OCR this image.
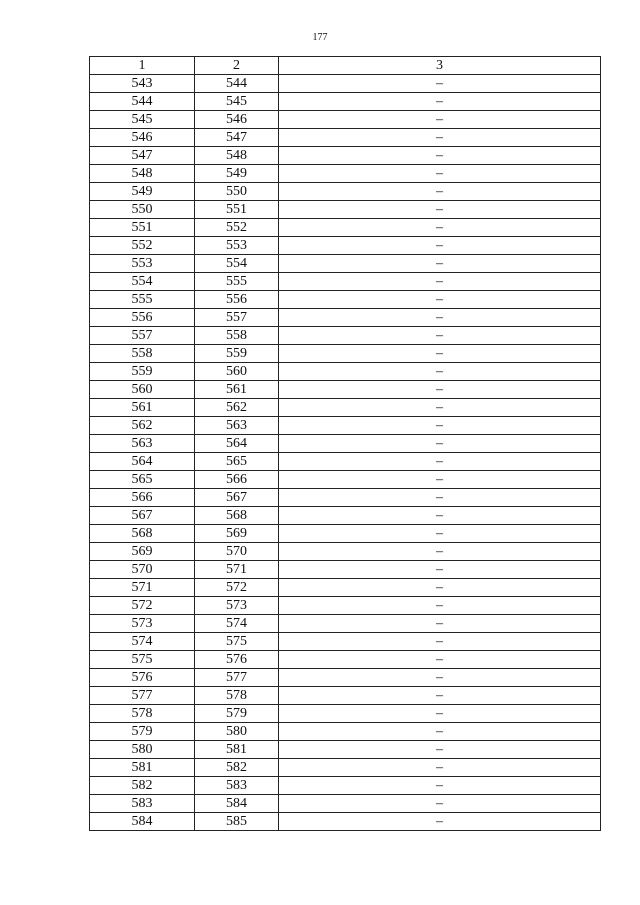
177
1	2	3
543	544	–
544	545	–
545	546	–
546	547	–
547	548	–
548	549	–
549	550	–
550	551	–
551	552	–
552	553	–
553	554	–
554	555	–
555	556	–
556	557	–
557	558	–
558	559	–
559	560	–
560	561	–
561	562	–
562	563	–
563	564	–
564	565	–
565	566	–
566	567	–
567	568	–
568	569	–
569	570	–
570	571	–
571	572	–
572	573	–
573	574	–
574	575	–
575	576	–
576	577	–
577	578	–
578	579	–
579	580	–
580	581	–
581	582	–
582	583	–
583	584	–
584	585	–
